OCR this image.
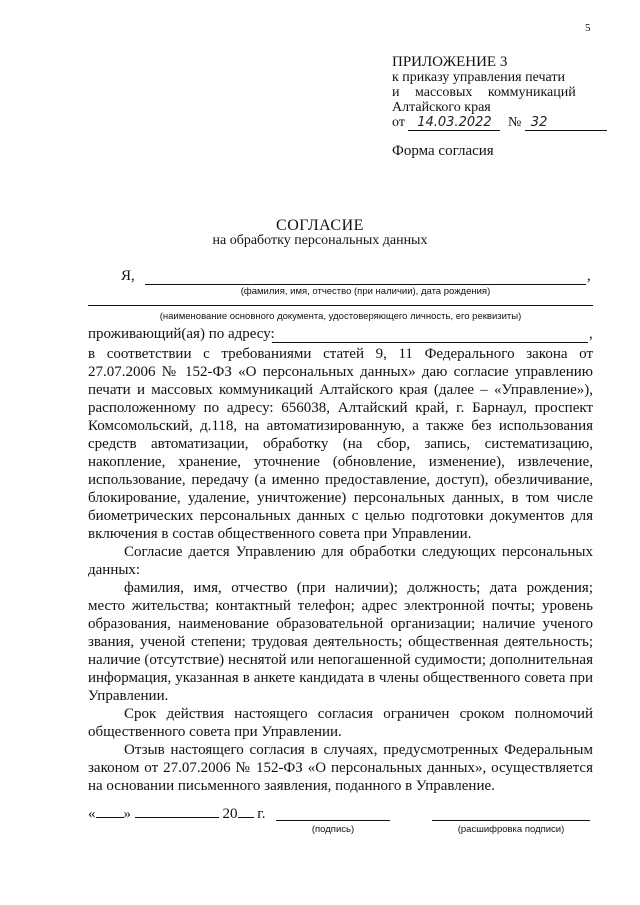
5
ПРИЛОЖЕНИЕ 3
к приказу управления печати
и массовых коммуникаций
Алтайского края
от 14.03.2022 № 32
Форма согласия
СОГЛАСИЕ
на обработку персональных данных
Я,	,
(фамилия, имя, отчество (при наличии), дата рождения)
(наименование основного документа, удостоверяющего личность, его реквизиты)
проживающий(ая) по адресу:	,

в соответствии с требованиями статей 9, 11 Федерального закона от 27.07.2006 № 152-ФЗ «О персональных данных» даю согласие управлению печати и массовых коммуникаций Алтайского края (далее – «Управление»), расположенному по адресу: 656038, Алтайский край, г. Барнаул, проспект Комсомольский, д.118, на автоматизированную, а также без использования средств автоматизации, обработку (на сбор, запись, систематизацию, накопление, хранение, уточнение (обновление, изменение), извлечение, использование, передачу (а именно предоставление, доступ), обезличивание, блокирование, удаление, уничтожение) персональных данных, в том числе биометрических персональных данных с целью подготовки документов для включения в состав общественного совета при Управлении.

Согласие дается Управлению для обработки следующих персональных данных:

фамилия, имя, отчество (при наличии); должность; дата рождения; место жительства; контактный телефон; адрес электронной почты; уровень образования, наименование образовательной организации; наличие ученого звания, ученой степени; трудовая деятельность; общественная деятельность; наличие (отсутствие) неснятой или непогашенной судимости; дополнительная информация, указанная в анкете кандидата в члены общественного совета при Управлении.

Срок действия настоящего согласия ограничен сроком полномочий общественного совета при Управлении.

Отзыв настоящего согласия в случаях, предусмотренных Федеральным законом от 27.07.2006 № 152-ФЗ «О персональных данных», осуществляется на основании письменного заявления, поданного в Управление.

« »	20 г.
(подпись)	(расшифровка подписи)
